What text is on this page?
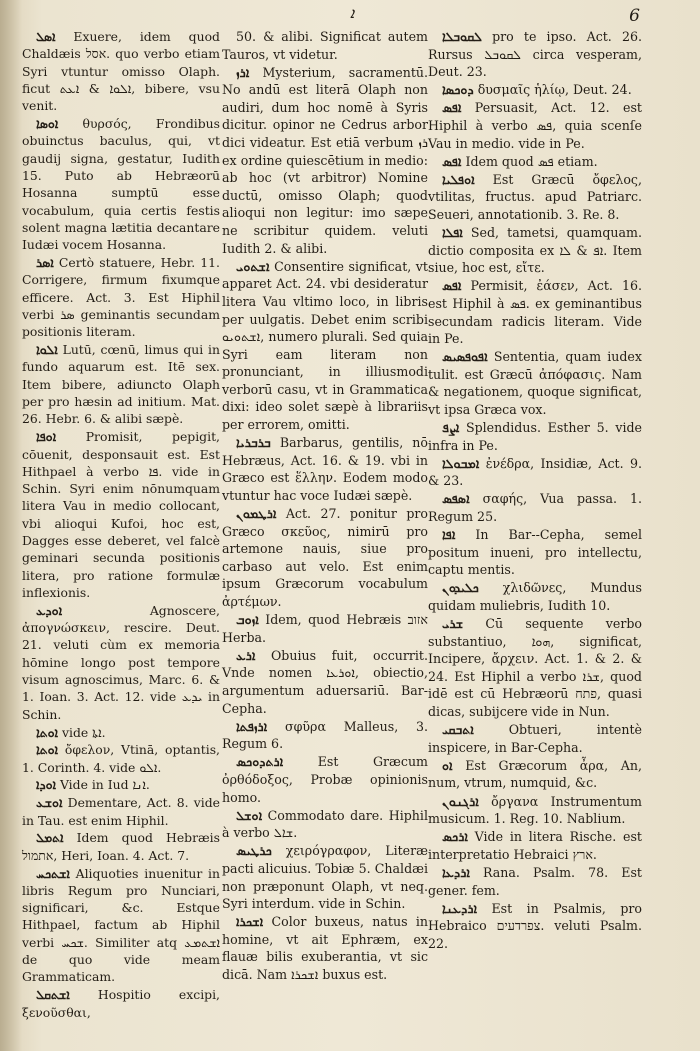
ܐ	6

ܐܣܠ Exuere, idem quod Chaldæis אסל. quo verbo etiam Syri vtuntur omisso Olaph. ficut ܐܠܘܐ & ܐܥܬ, bibere, vsu venit.

ܐܘܣܐ θυρσός, Frondibus obuinctus baculus, qui, vt gaudij signa, gestatur, Iudith 15. Puto ab Hebræorū Hosanna sumptū esse vocabulum, quia certis festis solent magna lætitia decantare Iudæi vocem Hosanna.

ܐܣܪ Certò statuere, Hebr. 11. Corrigere, firmum fixumque efficere. Act. 3. Est Hiphil verbi ܣܪ geminantis secundam positionis literam.

ܐܠܘܐ Lutū, cœnū, limus qui in fundo aquarum est. Itē sex. Item bibere, adiuncto Olaph per pro hæsin ad initium. Mat. 26. Hebr. 6. & alibi sæpè.

ܐܘܦܐ Promisit, pepigit, cōuenit, desponsauit est. Est Hithpael à verbo ܦܐ. vide in Schin. Syri enim nōnumquam litera Vau in medio collocant, vbi alioqui Kufoi, hoc est, Dagges esse deberet, vel falcè geminari secunda positionis litera, pro ratione formulæ inflexionis.

ܐܘܕܥ	Agnoscere, ἀπογνώσκειν, rescire. Deut. 21. veluti cùm ex memoria hōmine longo post tempore visum agnoscimus, Marc. 6. & 1. Ioan. 3. Act. 12. vide ܝܕܥ in Schin.

ܐܘܬܐ vide ܐܬܐ.

ܐܘܬܐ ὄφελον, Vtinā, optantis, 1. Corinth. 4. vide ܐܠܘ.

ܐܘܕܐ Vide in Iud ܐܢܐ.

ܐܘܫܥ Dementare, Act. 8. vide in Tau. est enim Hiphil.

ܐܬܡܠ Idem quod Hebræis אתמול, Heri, Ioan. 4. Act. 7.

ܐܫܬܟܚ Aliquoties inuenitur in libris Regum pro Nunciari, significari, &c. Estque Hithpael, factum ab Hiphil verbi ܫܟܚ. Similiter atq ܐܫܬܡܥ de quo vide meam Grammaticam.

ܐܫܬܩܠ Hospitio excipi, ξενοῦσθαι,

50. & alibi. Significat autem Tauros, vt videtur.

ܐܪܙ Mysterium, sacramentū. No andū est literā Olaph non audiri, dum hoc nomē à Syris dicitur. opinor ne Cedrus arbor dici videatur. Est etiā verbum ܪܙ ex ordine quiescētium in medio: ab hoc (vt arbitror) Nomine ductū, omisso Olaph; quod alioqui non legitur: imo sæpe ne scribitur quidem. veluti Iudith 2. & alibi.

ܐܫܬܘܝ Consentire significat, vt apparet Act. 24. vbi desideratur litera Vau vltimo loco, in libris per uulgatis. Debet enim scribi ܐܫܬܘܝܘ, numero plurali. Sed quia Syri eam literam non pronunciant, in illiusmodi verborū casu, vt in Grammatica dixi: ideo solet sæpè à librariis per errorem, omitti.

ܒܪܒܪܝܐ Barbarus, gentilis, nō Hebræus, Act. 16. & 19. vbi in Græco est ἕλλην. Eodem modo vtuntur hac voce Iudæi sæpè.

ܐܪܛܡܘܢ Act. 27. ponitur pro Græco σκεῦος, nimirū pro artemone nauis, siue pro carbaso aut velo. Est enim ipsum Græcorum vocabulum ἀρτέμων.

ܐܙܘܒ Idem, quod Hebræis אזוב Herba.

ܐܪܥ Obuius fuit, occurrit. Vnde nomen ܐܘܪܥܐ, obiectio, argumentum aduersariū. Bar-Cepha.

ܐܪܙܦܬܐ σφῦρα Malleus, 3. Regum 6.

ܐܪܬܕܘܟܣ	Est Græcum ὀρθόδοξος, Probæ opinionis homo.

ܐܘܫܠ Commodato dare. Hiphil à verbo ܫܐܠ.

ܟܪܛܝܣ χειρόγραφον, Literæ pacti alicuius. Tobiæ 5. Chaldæi non præponunt Olaph, vt neq. Syri interdum. vide in Schin.

ܐܫܟܪܐ Color buxeus, natus in homine, vt ait Ephræm, ex flauæ bilis exuberantia, vt sic dicā. Nam ܐܫܟܪܐ buxus est.

ܠܩܘܒܠܐ pro te ipso. Act. 26. Rursus ܠܩܘܒܠ circa vesperam, Deut. 23.

ܕܘܟܣܐ δυσμαῖς ἡλίῳ, Deut. 24.

ܐܦܣ Persuasit, Act. 12. est Hiphil à verbo ܦܣ, quia scenſe Vau in medio. vide in Pe.

ܐܦܣ Idem quod ܦܣ etiam.

ܐܘܦܠܝܐ Est Græcū ὄφελος, vtilitas, fructus. apud Patriarc. Seueri, annotationib. 3. Re. 8.

ܐܦܠܐ Sed, tametsi, quamquam. dictio composita ex ܐܦ & ܠܐ. Item siue, hoc est, εἴτε.

ܐܦܣ Permisit, ἐάσεν, Act. 16. est Hiphil à ܦܣ. ex geminantibus secundam radicis literam. Vide in Pe.

ܐܦܘܦܣܝܣ Sententia, quam iudex tulit. est Græcū ἀπόφασις. Nam & negationem, quoque significat, vt ipsa Græca vox.

ܐܨܦ Splendidus. Esther 5. vide infra in Pe.

ܐܡܒܘܠܐ ἐνέδρα, Insidiæ, Act. 9. & 23.

ܐܣܦܣ σαφής, Vua passa. 1. Regum 25.

ܐܦܐ In Bar--Cepha, semel positum inueni, pro intellectu, captu mentis.

ܟܠܝܕܘܢ χλιδῶνες, Mundus quidam muliebris, Iudith 10.

ܫܪܝ Cū sequente verbo substantiuo, ܗܘܐ, significat, Incipere, ἄρχειν. Act. 1. & 2. & 24. Est Hiphil a verbo ܫܪܐ, quod idē est cū Hebræorū פתח, quasi dicas, subijcere vide in Nun.

ܐܬܒܩܝ	Obtueri, intentè inspicere, in Bar-Cepha.

ܐܘ Est Græcorum ἆρα, An, num, vtrum, numquid, &c.

ܐܪܓܢܘܢ ὄργανα Instrumentum musicum. 1. Reg. 10. Nablium.

ܐܪܟܣ Vide in litera Rische. est interpretatio Hebraici ארץ.

ܐܪܕܥܐ Rana. Psalm. 78. Est gener. fem.

ܐܪܕܥܢܐ Est in Psalmis, pro Hebraico צפרדעים. veluti Psalm. 22.
